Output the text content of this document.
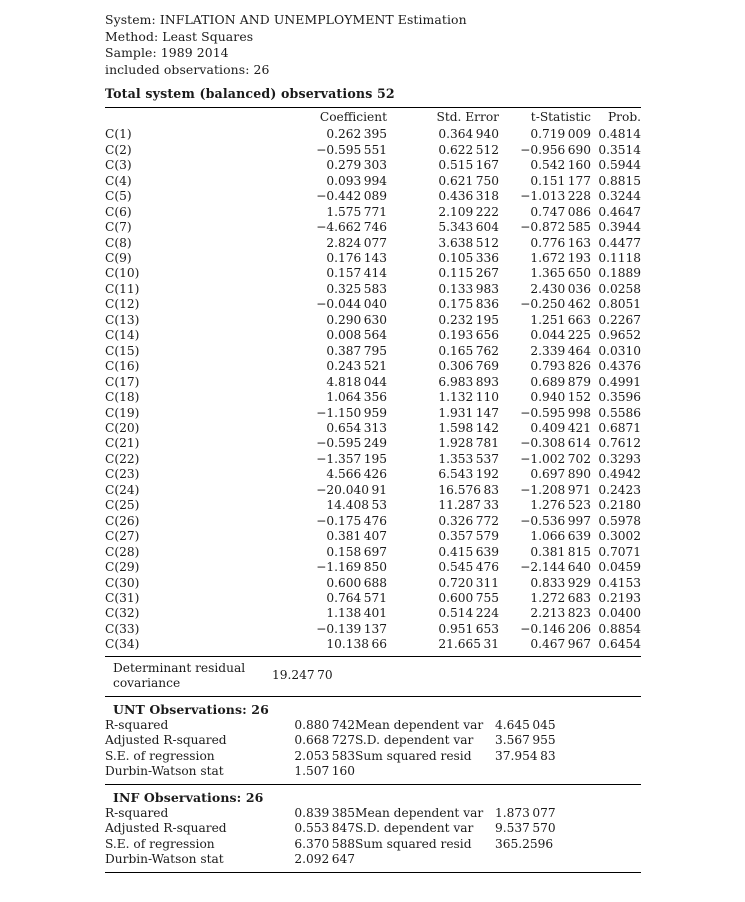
System: INFLATION AND UNEMPLOYMENT Estimation
Method: Least Squares
Sample: 1989 2014
included observations: 26
Total system (balanced) observations 52
	Coefficient	Std. Error	t-Statistic	Prob.
C(1)	0.262 395	0.364 940	0.719 009	0.4814
C(2)	−0.595 551	0.622 512	−0.956 690	0.3514
C(3)	0.279 303	0.515 167	0.542 160	0.5944
C(4)	0.093 994	0.621 750	0.151 177	0.8815
C(5)	−0.442 089	0.436 318	−1.013 228	0.3244
C(6)	1.575 771	2.109 222	0.747 086	0.4647
C(7)	−4.662 746	5.343 604	−0.872 585	0.3944
C(8)	2.824 077	3.638 512	0.776 163	0.4477
C(9)	0.176 143	0.105 336	1.672 193	0.1118
C(10)	0.157 414	0.115 267	1.365 650	0.1889
C(11)	0.325 583	0.133 983	2.430 036	0.0258
C(12)	−0.044 040	0.175 836	−0.250 462	0.8051
C(13)	0.290 630	0.232 195	1.251 663	0.2267
C(14)	0.008 564	0.193 656	0.044 225	0.9652
C(15)	0.387 795	0.165 762	2.339 464	0.0310
C(16)	0.243 521	0.306 769	0.793 826	0.4376
C(17)	4.818 044	6.983 893	0.689 879	0.4991
C(18)	1.064 356	1.132 110	0.940 152	0.3596
C(19)	−1.150 959	1.931 147	−0.595 998	0.5586
C(20)	0.654 313	1.598 142	0.409 421	0.6871
C(21)	−0.595 249	1.928 781	−0.308 614	0.7612
C(22)	−1.357 195	1.353 537	−1.002 702	0.3293
C(23)	4.566 426	6.543 192	0.697 890	0.4942
C(24)	−20.040 91	16.576 83	−1.208 971	0.2423
C(25)	14.408 53	11.287 33	1.276 523	0.2180
C(26)	−0.175 476	0.326 772	−0.536 997	0.5978
C(27)	0.381 407	0.357 579	1.066 639	0.3002
C(28)	0.158 697	0.415 639	0.381 815	0.7071
C(29)	−1.169 850	0.545 476	−2.144 640	0.0459
C(30)	0.600 688	0.720 311	0.833 929	0.4153
C(31)	0.764 571	0.600 755	1.272 683	0.2193
C(32)	1.138 401	0.514 224	2.213 823	0.0400
C(33)	−0.139 137	0.951 653	−0.146 206	0.8854
C(34)	10.138 66	21.665 31	0.467 967	0.6454
Determinant residual
covariance
19.247 70
UNT Observations: 26
R-squared	0.880 742	Mean dependent var	4.645 045
Adjusted R-squared	0.668 727	S.D. dependent var	3.567 955
S.E. of regression	2.053 583	Sum squared resid	37.954 83
Durbin-Watson stat	1.507 160		
INF Observations: 26
R-squared	0.839 385	Mean dependent var	1.873 077
Adjusted R-squared	0.553 847	S.D. dependent var	9.537 570
S.E. of regression	6.370 588	Sum squared resid	365.2596
Durbin-Watson stat	2.092 647		
